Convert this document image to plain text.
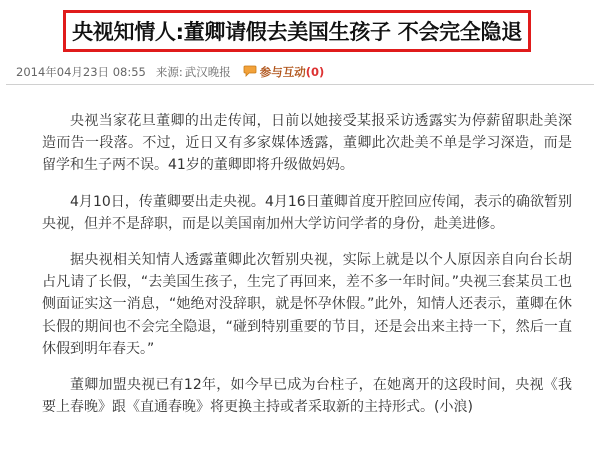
央视知情人:董卿请假去美国生孩子 不会完全隐退
2014年04月23日 08:55 来源: 武汉晚报	参与互动 (0)

央视当家花旦董卿的出走传闻，日前以她接受某报采访透露实为停薪留职赴美深造而告一段落。不过，近日又有多家媒体透露，董卿此次赴美不单是学习深造，而是留学和生子两不误。41岁的董卿即将升级做妈妈。

4月10日，传董卿要出走央视。4月16日董卿首度开腔回应传闻，表示的确欲暂别央视，但并不是辞职，而是以美国南加州大学访问学者的身份，赴美进修。

据央视相关知情人透露董卿此次暂别央视，实际上就是以个人原因亲自向台长胡占凡请了长假，“去美国生孩子，生完了再回来，差不多一年时间。”央视三套某员工也侧面证实这一消息，“她绝对没辞职，就是怀孕休假。”此外，知情人还表示，董卿在休长假的期间也不会完全隐退，“碰到特别重要的节目，还是会出来主持一下，然后一直休假到明年春天。”

董卿加盟央视已有12年，如今早已成为台柱子，在她离开的这段时间，央视《我要上春晚》跟《直通春晚》将更换主持或者采取新的主持形式。(小浪)
